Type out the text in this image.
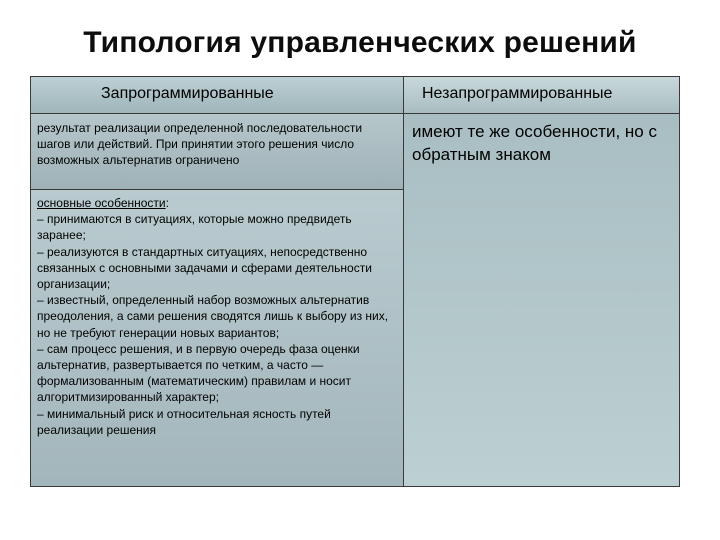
Типология управленческих решений
Запрограммированные	Незапрограммированные
результат реализации определенной последовательности шагов или действий. При принятии этого решения число возможных альтернатив ограничено
основные особенности:
– принимаются в ситуациях, которые можно предвидеть заранее;
– реализуются в стандартных ситуациях, непосредственно связанных с основными задачами и сферами деятельности организации;
– известный, определенный набор возможных альтернатив преодоления, а сами решения сводятся лишь к выбору из них, но не требуют генерации новых вариантов;
– сам процесс решения, и в первую очередь фаза оценки альтернатив, развертывается по четким, а часто — формализованным (математическим) правилам и носит алгоритмизированный характер;
– минимальный риск и относительная ясность путей реализации решения
имеют те же особенности, но с обратным знаком
